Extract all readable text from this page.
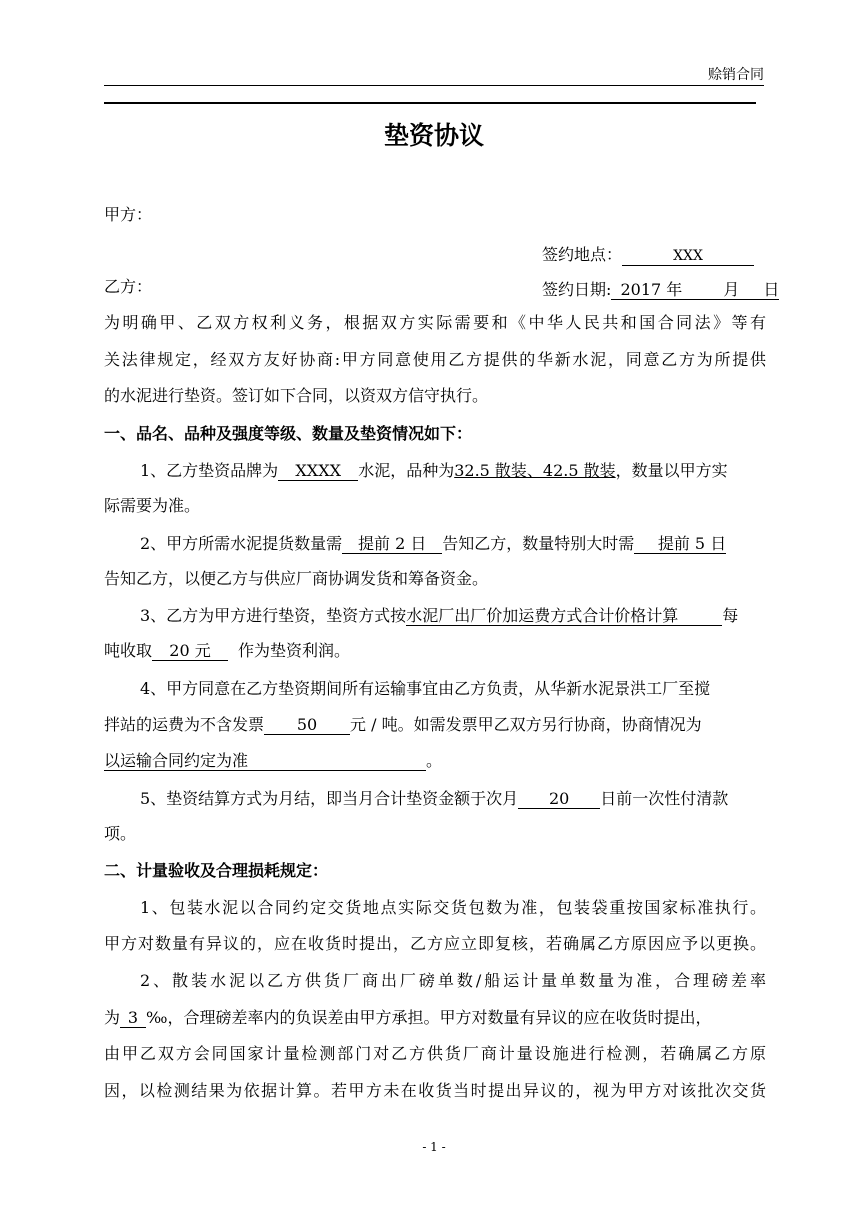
赊销合同
垫资协议
甲方：
签约地点：	XXX
乙方：	签约日期: 2017 年	月 日
为明确甲、乙双方权利义务，根据双方实际需要和《中华人民共和国合同法》等有
关法律规定，经双方友好协商:甲方同意使用乙方提供的华新水泥，同意乙方为所提供
的水泥进行垫资。签订如下合同，以资双方信守执行。
一、品名、品种及强度等级、数量及垫资情况如下：
1、乙方垫资品牌为 XXXX 水泥，品种为32.5 散装、42.5 散装，数量以甲方实
际需要为准。
2、甲方所需水泥提货数量需 提前 2 日 告知乙方，数量特别大时需 提前 5 日
告知乙方，以便乙方与供应厂商协调发货和筹备资金。
3、乙方为甲方进行垫资，垫资方式按水泥厂出厂价加运费方式合计价格计算	每
吨收取 20 元 作为垫资利润。
4、甲方同意在乙方垫资期间所有运输事宜由乙方负责，从华新水泥景洪工厂至搅
拌站的运费为不含发票 50 元 / 吨。如需发票甲乙双方另行协商，协商情况为
以运输合同约定为准	。
5、垫资结算方式为月结，即当月合计垫资金额于次月 20 日前一次性付清款
项。
二、计量验收及合理损耗规定：
1、包装水泥以合同约定交货地点实际交货包数为准，包装袋重按国家标准执行。
甲方对数量有异议的，应在收货时提出，乙方应立即复核，若确属乙方原因应予以更换。
2、散装水泥以乙方供货厂商出厂磅单数/船运计量单数量为准，合理磅差率
为 3 ‰，合理磅差率内的负误差由甲方承担。甲方对数量有异议的应在收货时提出，
由甲乙双方会同国家计量检测部门对乙方供货厂商计量设施进行检测，若确属乙方原
因，以检测结果为依据计算。若甲方未在收货当时提出异议的，视为甲方对该批次交货
- 1 -
